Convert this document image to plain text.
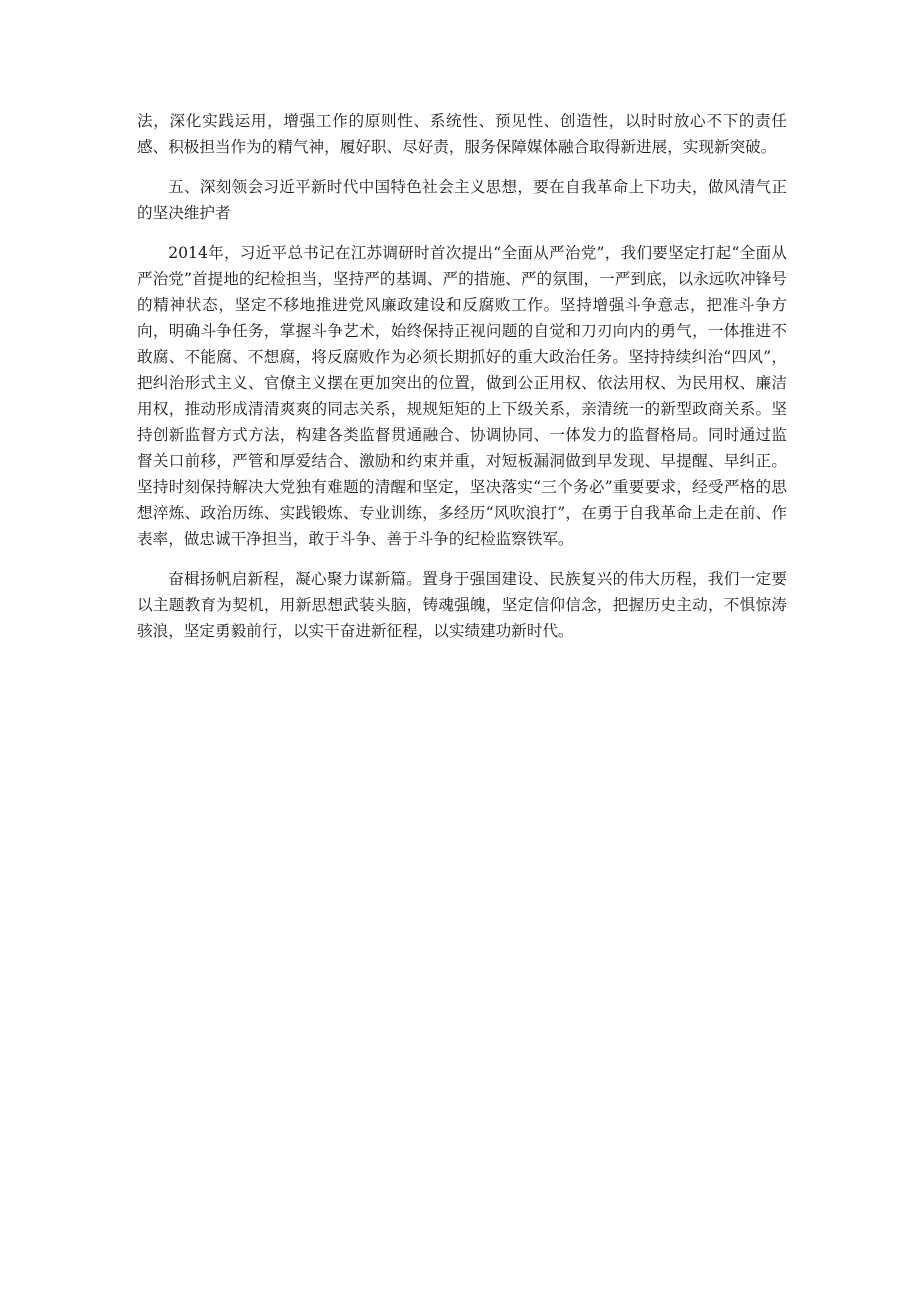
法，深化实践运用，增强工作的原则性、系统性、预见性、创造性，以时时放心不下的责任感、积极担当作为的精气神，履好职、尽好责，服务保障媒体融合取得新进展，实现新突破。

五、深刻领会习近平新时代中国特色社会主义思想，要在自我革命上下功夫，做风清气正的坚决维护者

2014年，习近平总书记在江苏调研时首次提出“全面从严治党”，我们要坚定打起“全面从严治党”首提地的纪检担当，坚持严的基调、严的措施、严的氛围，一严到底，以永远吹冲锋号的精神状态，坚定不移地推进党风廉政建设和反腐败工作。坚持增强斗争意志，把准斗争方向，明确斗争任务，掌握斗争艺术，始终保持正视问题的自觉和刀刃向内的勇气，一体推进不敢腐、不能腐、不想腐，将反腐败作为必须长期抓好的重大政治任务。坚持持续纠治“四风”，把纠治形式主义、官僚主义摆在更加突出的位置，做到公正用权、依法用权、为民用权、廉洁用权，推动形成清清爽爽的同志关系，规规矩矩的上下级关系，亲清统一的新型政商关系。坚持创新监督方式方法，构建各类监督贯通融合、协调协同、一体发力的监督格局。同时通过监督关口前移，严管和厚爱结合、激励和约束并重，对短板漏洞做到早发现、早提醒、早纠正。坚持时刻保持解决大党独有难题的清醒和坚定，坚决落实“三个务必”重要要求，经受严格的思想淬炼、政治历练、实践锻炼、专业训练，多经历“风吹浪打”，在勇于自我革命上走在前、作表率，做忠诚干净担当，敢于斗争、善于斗争的纪检监察铁军。

奋楫扬帆启新程，凝心聚力谋新篇。置身于强国建设、民族复兴的伟大历程，我们一定要以主题教育为契机，用新思想武装头脑，铸魂强魄，坚定信仰信念，把握历史主动，不惧惊涛骇浪，坚定勇毅前行，以实干奋进新征程，以实绩建功新时代。
